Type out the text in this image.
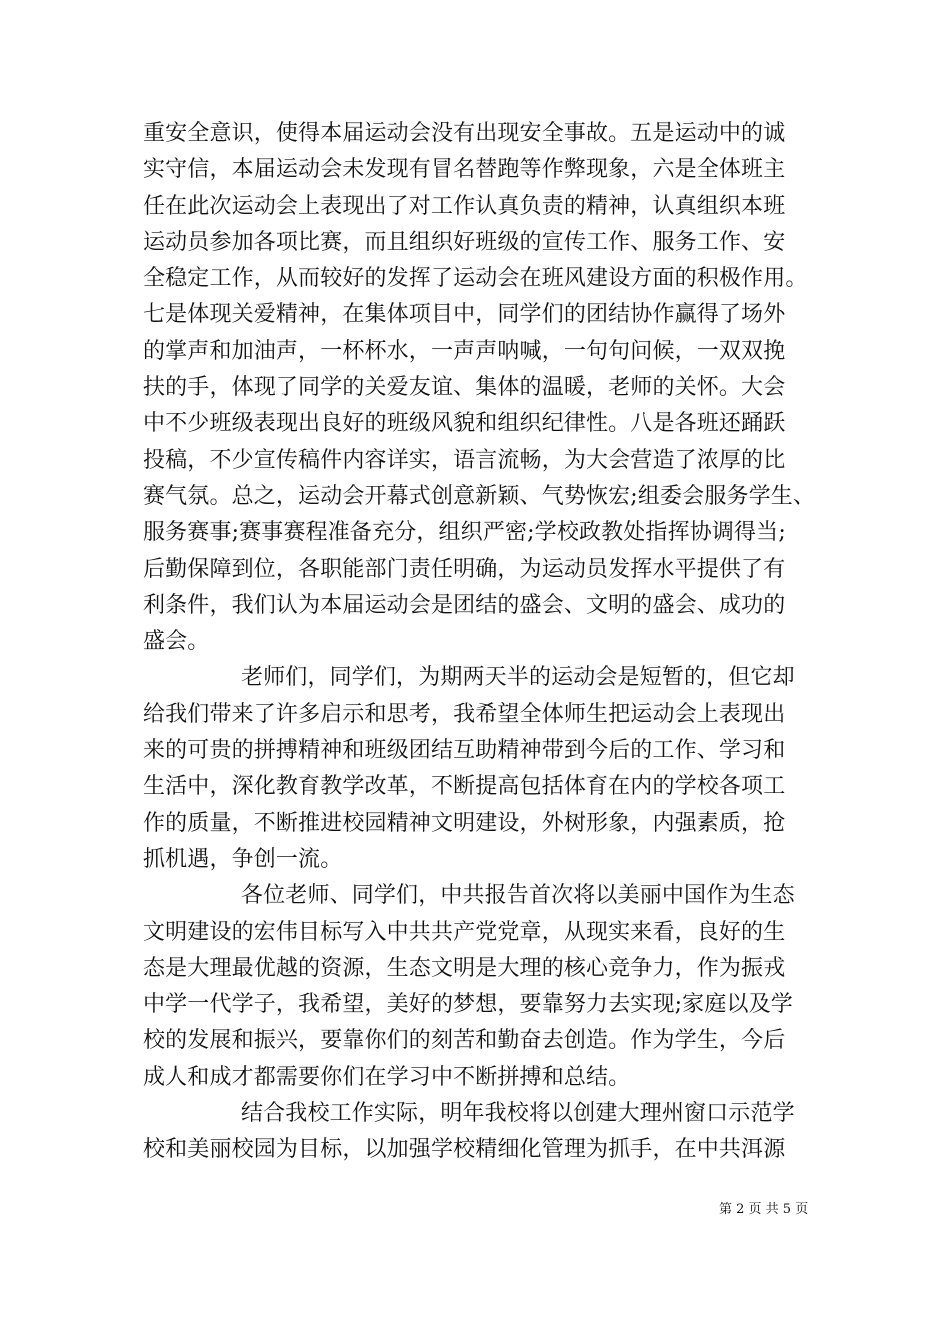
重安全意识，使得本届运动会没有出现安全事故。五是运动中的诚
实守信，本届运动会未发现有冒名替跑等作弊现象，六是全体班主
任在此次运动会上表现出了对工作认真负责的精神，认真组织本班
运动员参加各项比赛，而且组织好班级的宣传工作、服务工作、安
全稳定工作，从而较好的发挥了运动会在班风建设方面的积极作用。
七是体现关爱精神，在集体项目中，同学们的团结协作赢得了场外
的掌声和加油声，一杯杯水，一声声呐喊，一句句问候，一双双挽
扶的手，体现了同学的关爱友谊、集体的温暖，老师的关怀。大会
中不少班级表现出良好的班级风貌和组织纪律性。八是各班还踊跃
投稿，不少宣传稿件内容详实，语言流畅，为大会营造了浓厚的比
赛气氛。总之，运动会开幕式创意新颖、气势恢宏;组委会服务学生、
服务赛事;赛事赛程准备充分，组织严密;学校政教处指挥协调得当;
后勤保障到位，各职能部门责任明确，为运动员发挥水平提供了有
利条件，我们认为本届运动会是团结的盛会、文明的盛会、成功的
盛会。
老师们，同学们，为期两天半的运动会是短暂的，但它却
给我们带来了许多启示和思考，我希望全体师生把运动会上表现出
来的可贵的拼搏精神和班级团结互助精神带到今后的工作、学习和
生活中，深化教育教学改革，不断提高包括体育在内的学校各项工
作的质量，不断推进校园精神文明建设，外树形象，内强素质，抢
抓机遇，争创一流。
各位老师、同学们，中共报告首次将以美丽中国作为生态
文明建设的宏伟目标写入中共共产党党章，从现实来看，良好的生
态是大理最优越的资源，生态文明是大理的核心竞争力，作为振戎
中学一代学子，我希望，美好的梦想，要靠努力去实现;家庭以及学
校的发展和振兴，要靠你们的刻苦和勤奋去创造。作为学生，今后
成人和成才都需要你们在学习中不断拼搏和总结。
结合我校工作实际，明年我校将以创建大理州窗口示范学
校和美丽校园为目标，以加强学校精细化管理为抓手，在中共洱源
第 2 页 共 5 页
